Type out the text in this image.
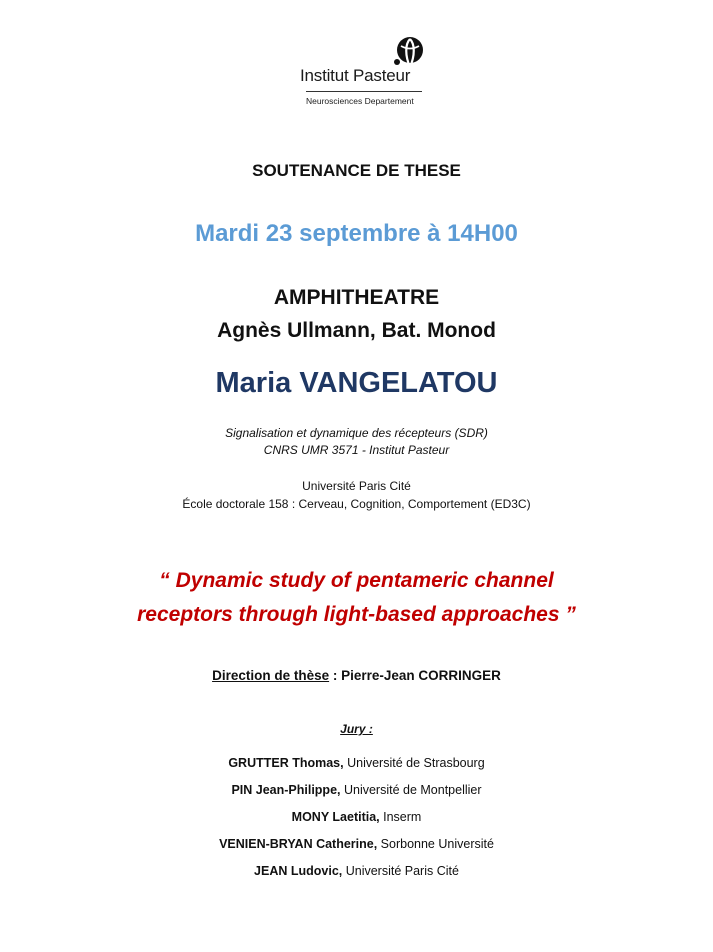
Institut Pasteur
Neurosciences Departement
SOUTENANCE DE THESE
Mardi 23 septembre à 14H00
AMPHITHEATRE
Agnès Ullmann, Bat. Monod
Maria VANGELATOU
Signalisation et dynamique des récepteurs (SDR)
CNRS UMR 3571 - Institut Pasteur
Université Paris Cité
École doctorale 158 : Cerveau, Cognition, Comportement (ED3C)
“ Dynamic study of pentameric channel
receptors through light-based approaches ”
Direction de thèse : Pierre-Jean CORRINGER
Jury :
GRUTTER Thomas, Université de Strasbourg
PIN Jean-Philippe, Université de Montpellier
MONY Laetitia, Inserm
VENIEN-BRYAN Catherine, Sorbonne Université
JEAN Ludovic, Université Paris Cité
